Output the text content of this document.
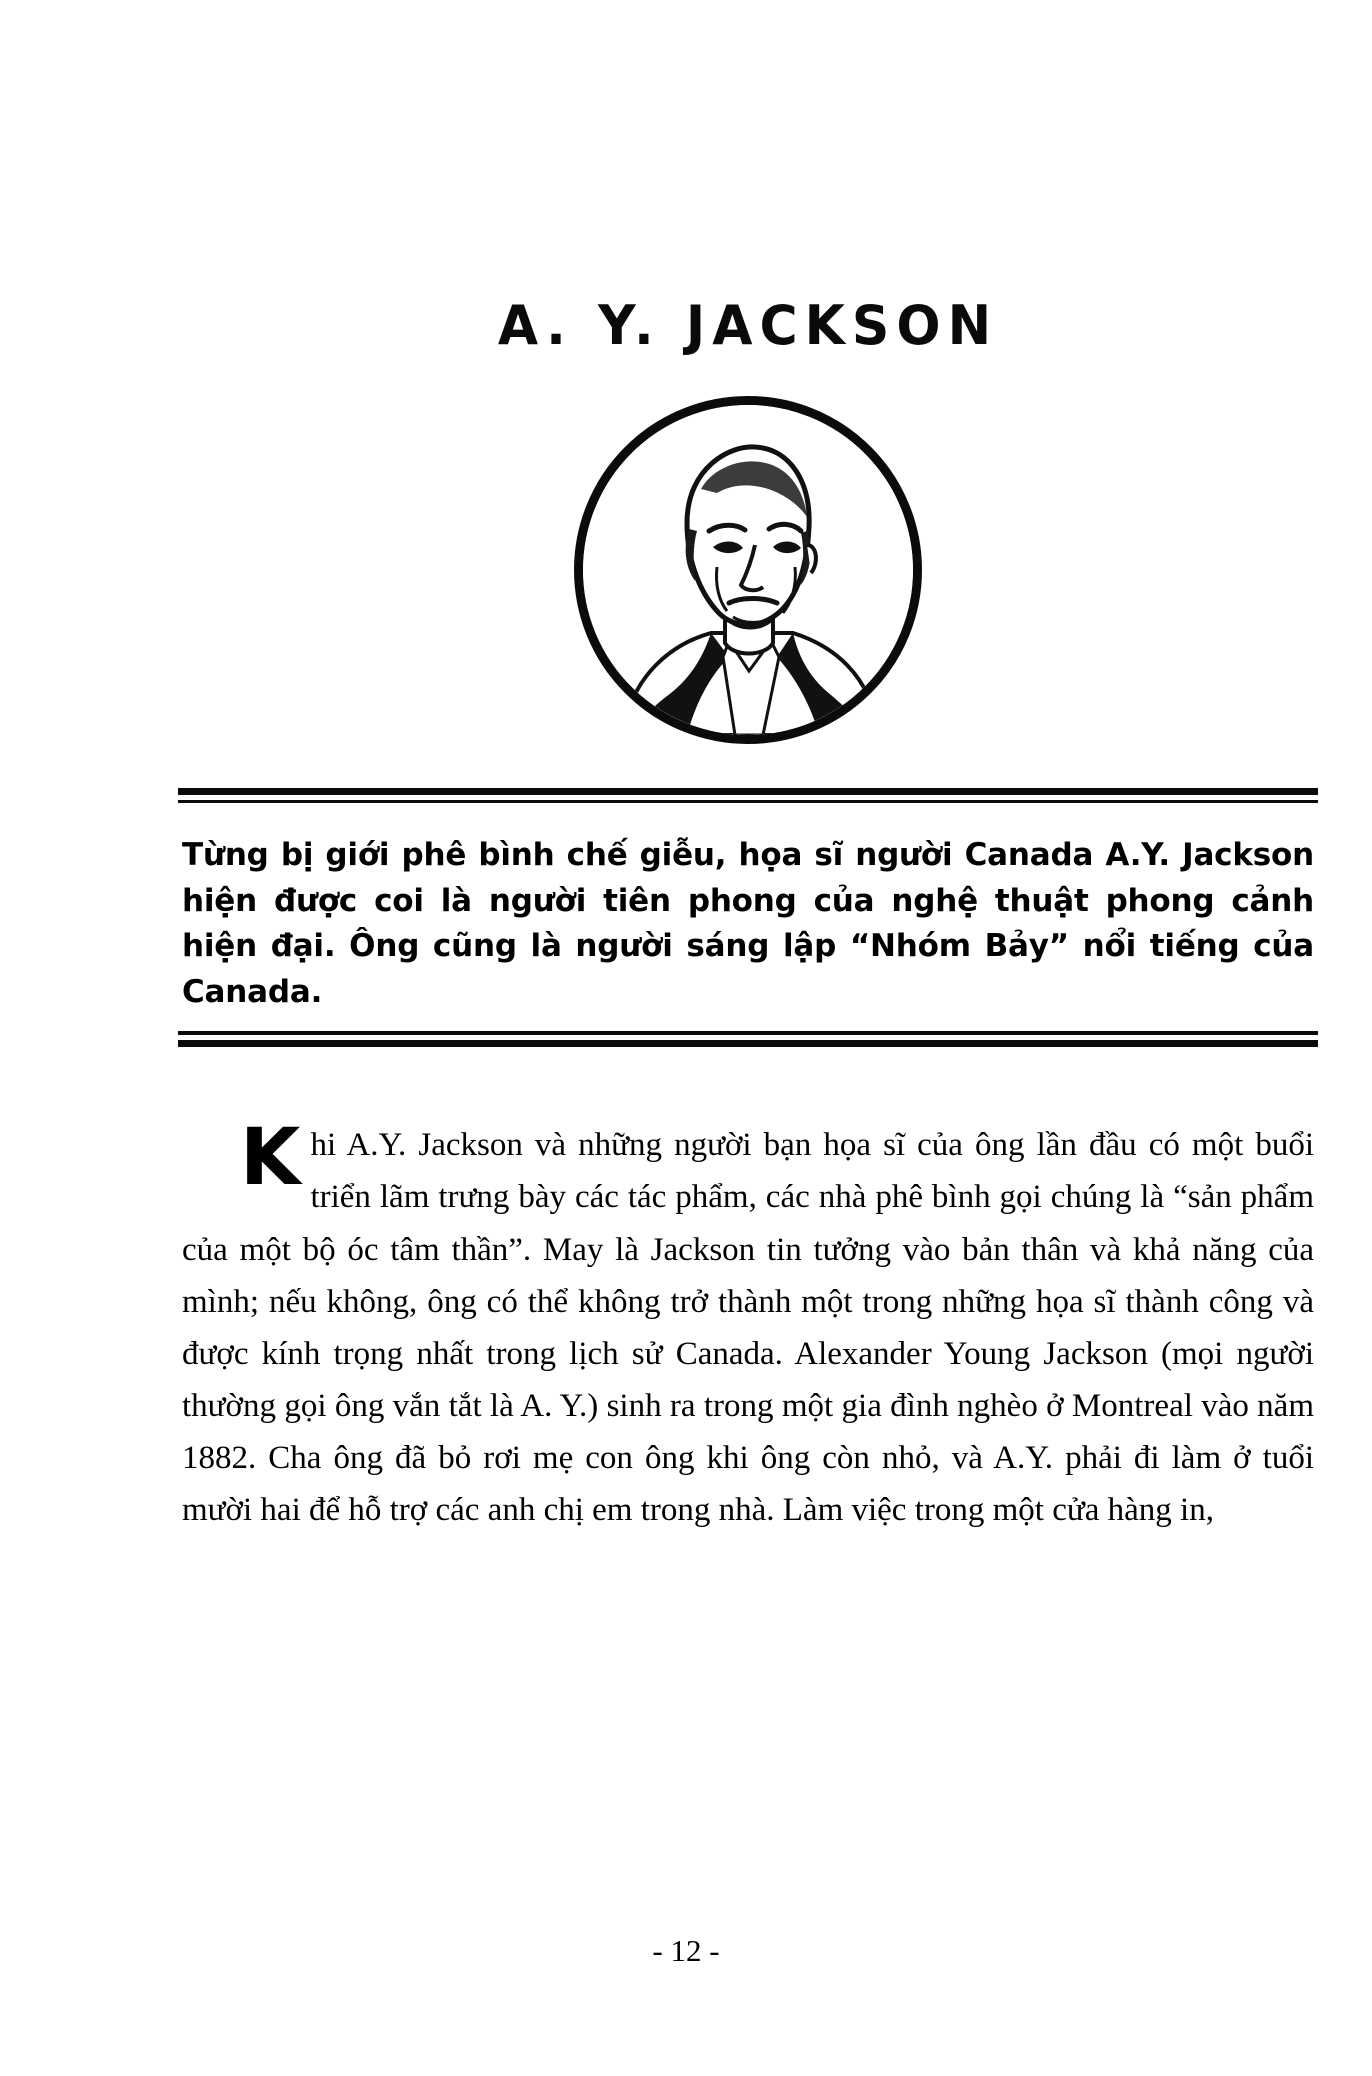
A. Y. JACKSON
Từng bị giới phê bình chế giễu, họa sĩ người Canada A.Y. Jackson hiện được coi là người tiên phong của nghệ thuật phong cảnh hiện đại. Ông cũng là người sáng lập “Nhóm Bảy” nổi tiếng của Canada.
K hi A.Y. Jackson và những người bạn họa sĩ của ông lần đầu có một buổi triển lãm trưng bày các tác phẩm, các nhà phê bình gọi chúng là “sản phẩm của một bộ óc tâm thần”. May là Jackson tin tưởng vào bản thân và khả năng của mình; nếu không, ông có thể không trở thành một trong những họa sĩ thành công và được kính trọng nhất trong lịch sử Canada. Alexander Young Jackson (mọi người thường gọi ông vắn tắt là A. Y.) sinh ra trong một gia đình nghèo ở Montreal vào năm 1882. Cha ông đã bỏ rơi mẹ con ông khi ông còn nhỏ, và A.Y. phải đi làm ở tuổi mười hai để hỗ trợ các anh chị em trong nhà. Làm việc trong một cửa hàng in,

- 12 -
